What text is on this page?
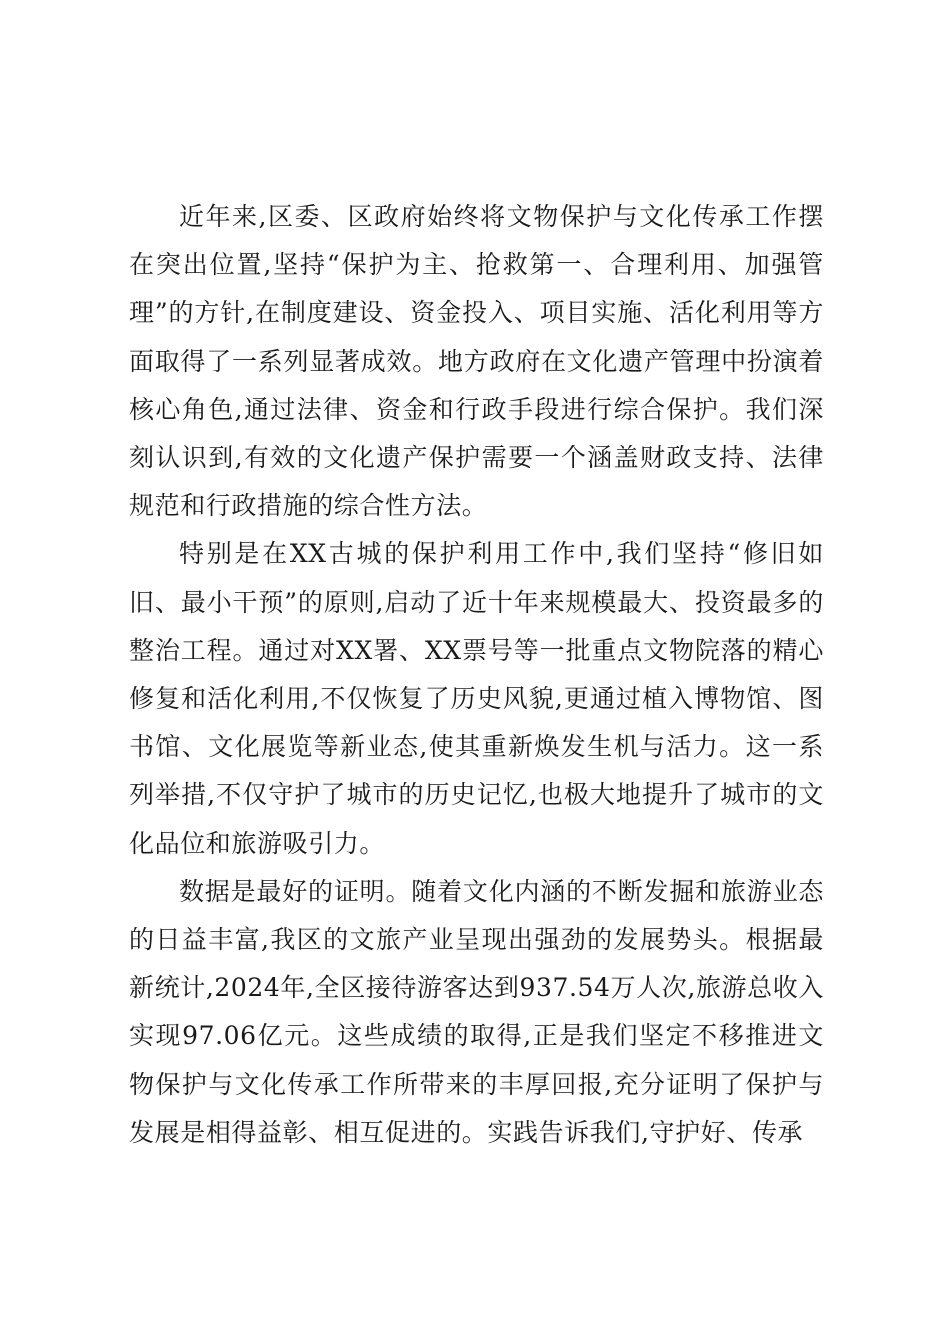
近年来,区委、区政府始终将文物保护与文化传承工作摆在突出位置,坚持“保护为主、抢救第一、合理利用、加强管理”的方针,在制度建设、资金投入、项目实施、活化利用等方面取得了一系列显著成效。地方政府在文化遗产管理中扮演着核心角色,通过法律、资金和行政手段进行综合保护。我们深刻认识到,有效的文化遗产保护需要一个涵盖财政支持、法律规范和行政措施的综合性方法。

特别是在XX古城的保护利用工作中,我们坚持“修旧如旧、最小干预”的原则,启动了近十年来规模最大、投资最多的整治工程。通过对XX署、XX票号等一批重点文物院落的精心修复和活化利用,不仅恢复了历史风貌,更通过植入博物馆、图书馆、文化展览等新业态,使其重新焕发生机与活力。这一系列举措,不仅守护了城市的历史记忆,也极大地提升了城市的文化品位和旅游吸引力。

数据是最好的证明。随着文化内涵的不断发掘和旅游业态的日益丰富,我区的文旅产业呈现出强劲的发展势头。根据最新统计,2024年,全区接待游客达到937.54万人次,旅游总收入实现97.06亿元。这些成绩的取得,正是我们坚定不移推进文物保护与文化传承工作所带来的丰厚回报,充分证明了保护与发展是相得益彰、相互促进的。实践告诉我们,守护好、传承
